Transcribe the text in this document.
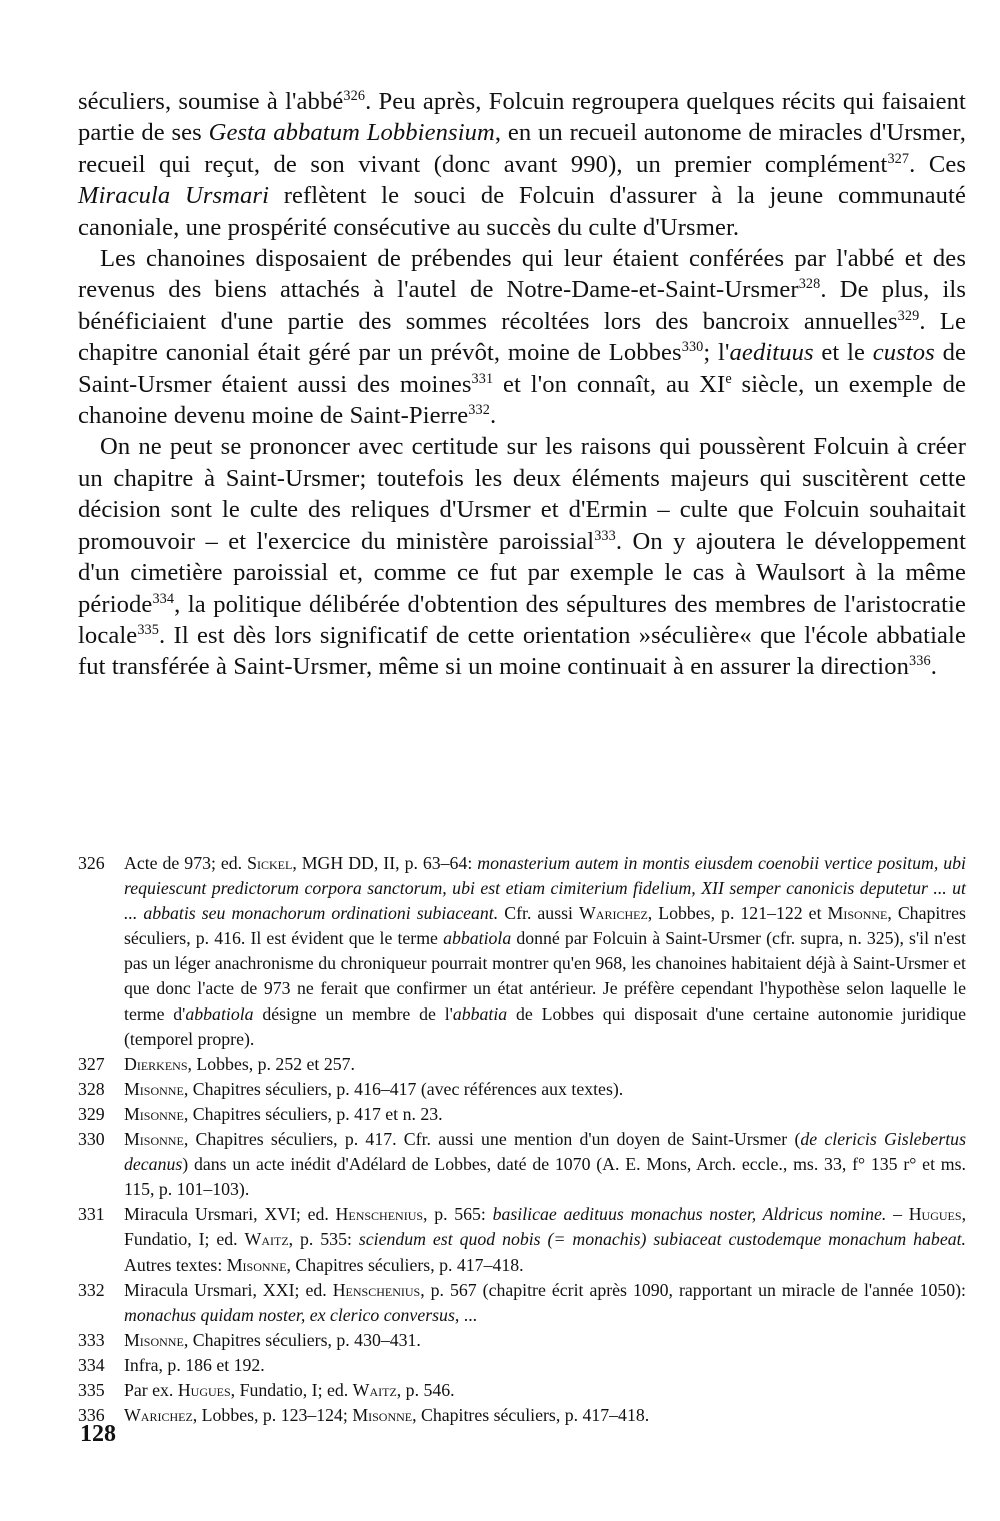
séculiers, soumise à l'abbé$^{326}$. Peu après, Folcuin regroupera quelques récits qui faisaient partie de ses Gesta abbatum Lobbiensium, en un recueil autonome de miracles d'Ursmer, recueil qui reçut, de son vivant (donc avant 990), un premier complément$^{327}$. Ces Miracula Ursmari reflètent le souci de Folcuin d'assurer à la jeune communauté canoniale, une prospérité consécutive au succès du culte d'Ursmer.

Les chanoines disposaient de prébendes qui leur étaient conférées par l'abbé et des revenus des biens attachés à l'autel de Notre-Dame-et-Saint-Ursmer$^{328}$. De plus, ils bénéficiaient d'une partie des sommes récoltées lors des bancroix annuelles$^{329}$. Le chapitre canonial était géré par un prévôt, moine de Lobbes$^{330}$; l'aedituus et le custos de Saint-Ursmer étaient aussi des moines$^{331}$ et l'on connaît, au XIe siècle, un exemple de chanoine devenu moine de Saint-Pierre$^{332}$.

On ne peut se prononcer avec certitude sur les raisons qui poussèrent Folcuin à créer un chapitre à Saint-Ursmer; toutefois les deux éléments majeurs qui suscitèrent cette décision sont le culte des reliques d'Ursmer et d'Ermin – culte que Folcuin souhaitait promouvoir – et l'exercice du ministère paroissial$^{333}$. On y ajoutera le développement d'un cimetière paroissial et, comme ce fut par exemple le cas à Waulsort à la même période$^{334}$, la politique délibérée d'obtention des sépultures des membres de l'aristocratie locale$^{335}$. Il est dès lors significatif de cette orientation »séculière« que l'école abbatiale fut transférée à Saint-Ursmer, même si un moine continuait à en assurer la direction$^{336}$.

326 Acte de 973; ed. Sickel, MGH DD, II, p. 63–64: monasterium autem in montis eiusdem coenobii vertice positum, ubi requiescunt predictorum corpora sanctorum, ubi est etiam cimiterium fidelium, XII semper canonicis deputetur ... ut ... abbatis seu monachorum ordinationi subiaceant. Cfr. aussi Warichez, Lobbes, p. 121–122 et Misonne, Chapitres séculiers, p. 416. Il est évident que le terme abbatiola donné par Folcuin à Saint-Ursmer (cfr. supra, n. 325), s'il n'est pas un léger anachronisme du chroniqueur pourrait montrer qu'en 968, les chanoines habitaient déjà à Saint-Ursmer et que donc l'acte de 973 ne ferait que confirmer un état antérieur. Je préfère cependant l'hypothèse selon laquelle le terme d'abbatiola désigne un membre de l'abbatia de Lobbes qui disposait d'une certaine autonomie juridique (temporel propre).
327 Dierkens, Lobbes, p. 252 et 257.
328 Misonne, Chapitres séculiers, p. 416–417 (avec références aux textes).
329 Misonne, Chapitres séculiers, p. 417 et n. 23.
330 Misonne, Chapitres séculiers, p. 417. Cfr. aussi une mention d'un doyen de Saint-Ursmer (de clericis Gislebertus decanus) dans un acte inédit d'Adélard de Lobbes, daté de 1070 (A. E. Mons, Arch. eccle., ms. 33, f° 135 r° et ms. 115, p. 101–103).
331 Miracula Ursmari, XVI; ed. Henschenius, p. 565: basilicae aedituus monachus noster, Aldricus nomine. – Hugues, Fundatio, I; ed. Waitz, p. 535: sciendum est quod nobis (= monachis) subiaceat custodemque monachum habeat. Autres textes: Misonne, Chapitres séculiers, p. 417–418.
332 Miracula Ursmari, XXI; ed. Henschenius, p. 567 (chapitre écrit après 1090, rapportant un miracle de l'année 1050): monachus quidam noster, ex clerico conversus, ...
333 Misonne, Chapitres séculiers, p. 430–431.
334 Infra, p. 186 et 192.
335 Par ex. Hugues, Fundatio, I; ed. Waitz, p. 546.
336 Warichez, Lobbes, p. 123–124; Misonne, Chapitres séculiers, p. 417–418.
128
